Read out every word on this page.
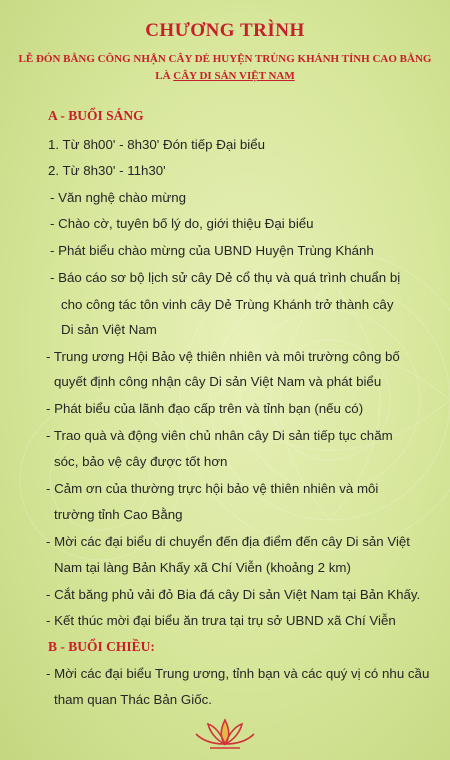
CHƯƠNG TRÌNH
LỄ ĐÓN BẰNG CÔNG NHẬN CÂY DẺ HUYỆN TRÙNG KHÁNH TỈNH CAO BẰNG
LÀ CÂY DI SẢN VIỆT NAM
A - BUỔI SÁNG
1. Từ 8h00' - 8h30' Đón tiếp Đại biểu
2. Từ 8h30' - 11h30'
- Văn nghệ chào mừng
- Chào cờ, tuyên bố lý do, giới thiệu Đại biểu
- Phát biểu chào mừng của UBND Huyện Trùng Khánh
- Báo cáo sơ bộ lịch sử cây Dẻ cổ thụ và quá trình chuẩn bị
cho công tác tôn vinh cây Dẻ Trùng Khánh trở thành cây
Di sản Việt Nam
- Trung ương Hội Bảo vệ thiên nhiên và môi trường công bố
quyết định công nhận cây Di sản Việt Nam và phát biểu
- Phát biểu của lãnh đạo cấp trên và tỉnh bạn (nếu có)
- Trao quà và động viên chủ nhân cây Di sản tiếp tục chăm
sóc, bảo vệ cây được tốt hơn
- Cảm ơn của thường trực hội bảo vệ thiên nhiên và môi
trường tỉnh Cao Bằng
- Mời các đại biểu di chuyển đến địa điểm đến cây Di sản Việt
Nam tại làng Bản Khấy xã Chí Viễn (khoảng 2 km)
- Cắt băng phủ vải đỏ Bia đá cây Di sản Việt Nam tại Bản Khấy.
- Kết thúc mời đại biểu ăn trưa tại trụ sở UBND xã Chí Viễn
B - BUỔI CHIỀU:
- Mời các đại biểu Trung ương, tỉnh bạn và các quý vị có nhu cầu
tham quan Thác Bản Giốc.
